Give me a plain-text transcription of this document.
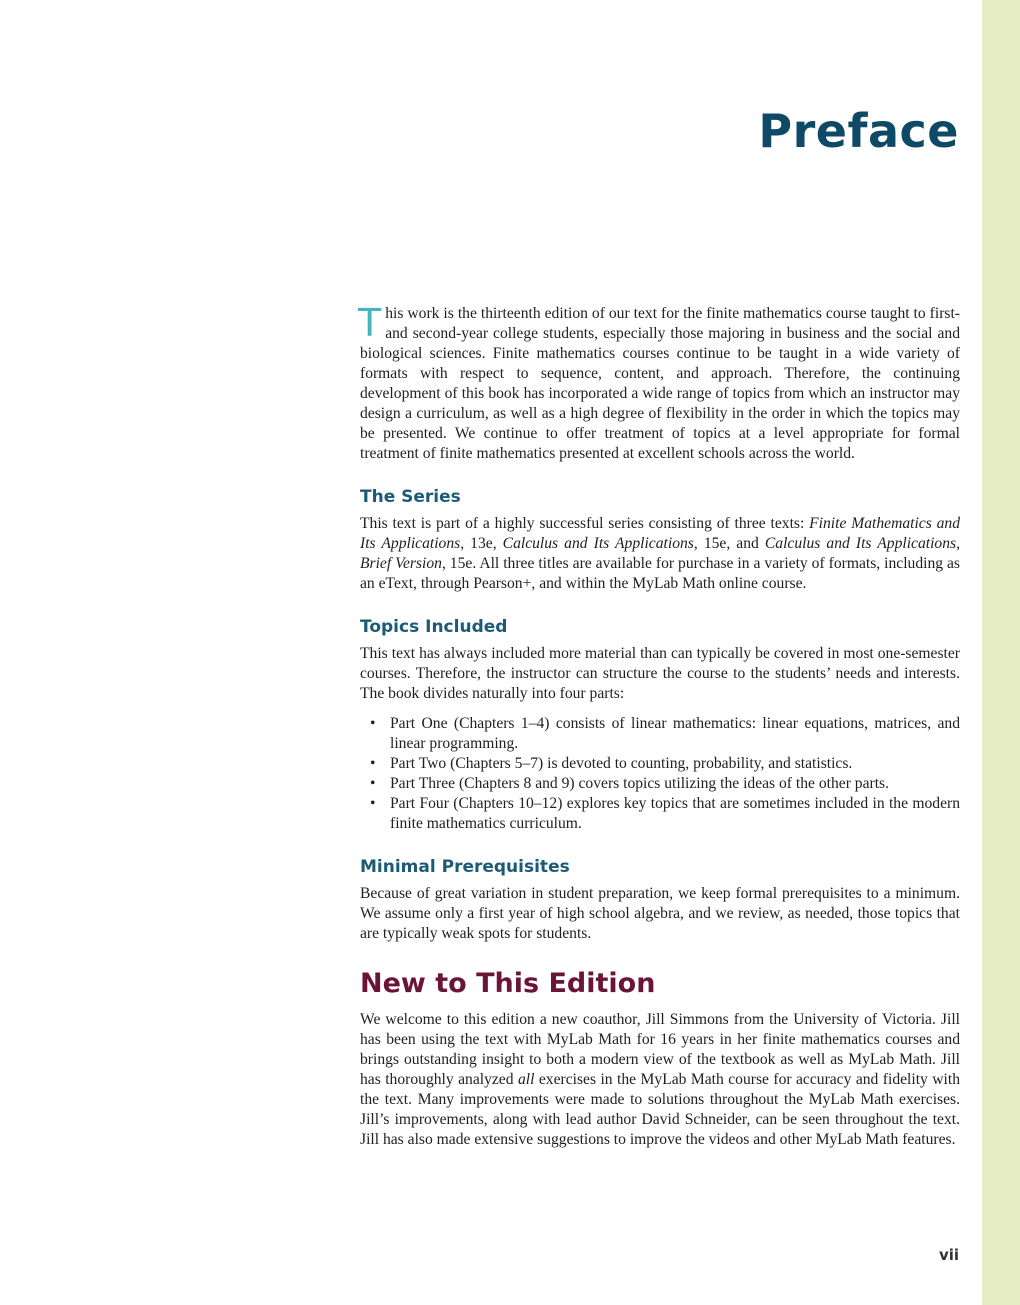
Preface

This work is the thirteenth edition of our text for the finite mathematics course taught to first- and second-year college students, especially those majoring in business and the social and biological sciences. Finite mathematics courses continue to be taught in a wide variety of formats with respect to sequence, content, and approach. Therefore, the continuing development of this book has incorporated a wide range of topics from which an instructor may design a curriculum, as well as a high degree of flexibility in the order in which the topics may be presented. We continue to offer treatment of topics at a level appropriate for formal treatment of finite mathematics presented at excellent schools across the world.

The Series

This text is part of a highly successful series consisting of three texts: Finite Mathematics and Its Applications, 13e, Calculus and Its Applications, 15e, and Calculus and Its Applications, Brief Version, 15e. All three titles are available for purchase in a variety of formats, including as an eText, through Pearson+, and within the MyLab Math online course.

Topics Included

This text has always included more material than can typically be covered in most one-semester courses. Therefore, the instructor can structure the course to the students’ needs and interests. The book divides naturally into four parts:

• Part One (Chapters 1–4) consists of linear mathematics: linear equations, matrices, and linear programming.
• Part Two (Chapters 5–7) is devoted to counting, probability, and statistics.
• Part Three (Chapters 8 and 9) covers topics utilizing the ideas of the other parts.
• Part Four (Chapters 10–12) explores key topics that are sometimes included in the modern finite mathematics curriculum.
Minimal Prerequisites

Because of great variation in student preparation, we keep formal prerequisites to a minimum. We assume only a first year of high school algebra, and we review, as needed, those topics that are typically weak spots for students.

New to This Edition

We welcome to this edition a new coauthor, Jill Simmons from the University of Victoria. Jill has been using the text with MyLab Math for 16 years in her finite mathematics courses and brings outstanding insight to both a modern view of the textbook as well as MyLab Math. Jill has thoroughly analyzed all exercises in the MyLab Math course for accuracy and fidelity with the text. Many improvements were made to solutions throughout the MyLab Math exercises. Jill’s improvements, along with lead author David Schneider, can be seen throughout the text. Jill has also made extensive suggestions to improve the videos and other MyLab Math features.

vii
